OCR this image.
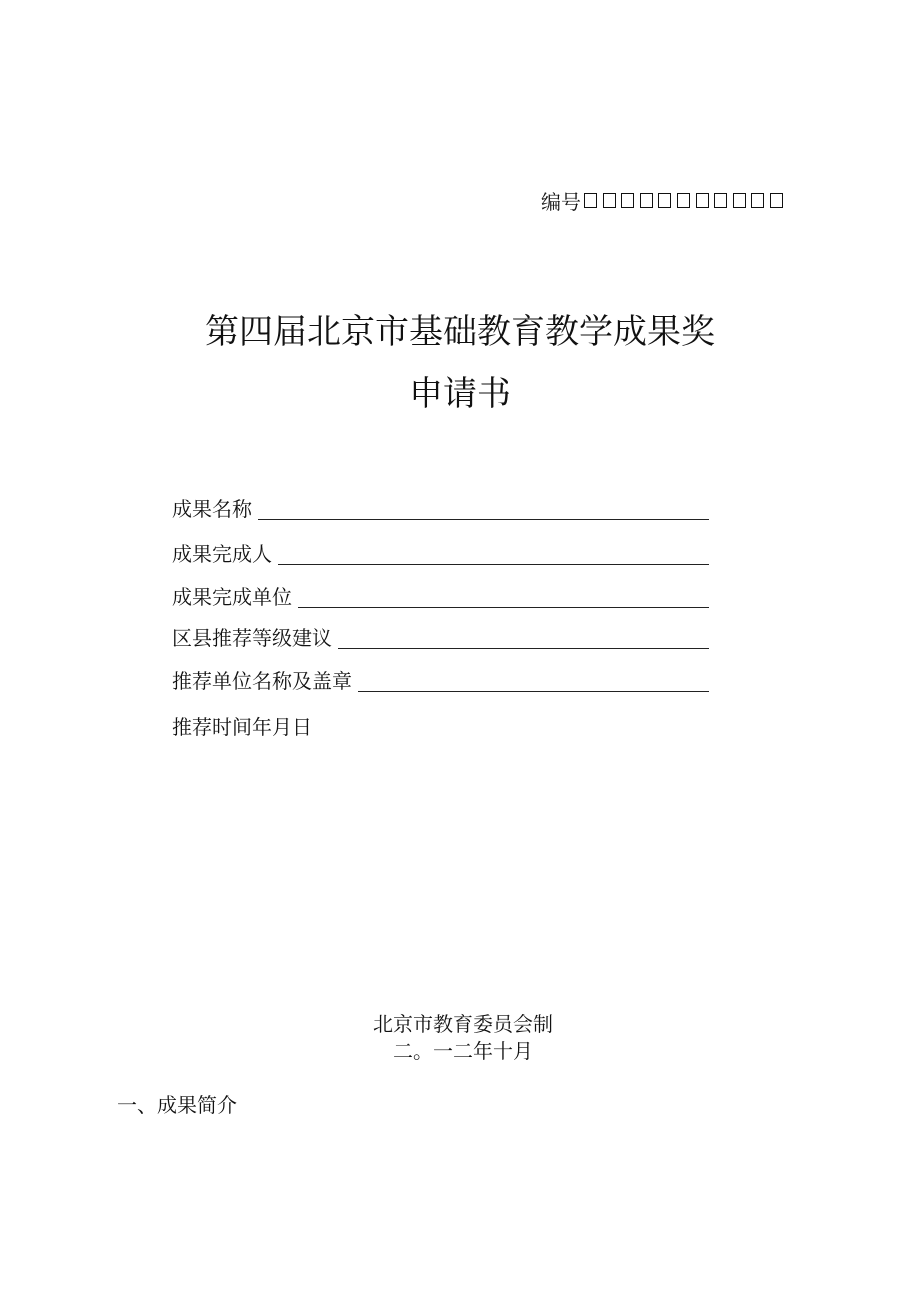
编号
第四届北京市基础教育教学成果奖
申请书
成果名称
成果完成人
成果完成单位
区县推荐等级建议
推荐单位名称及盖章
推荐时间年月日
北京市教育委员会制
二。一二年十月
一、成果简介
